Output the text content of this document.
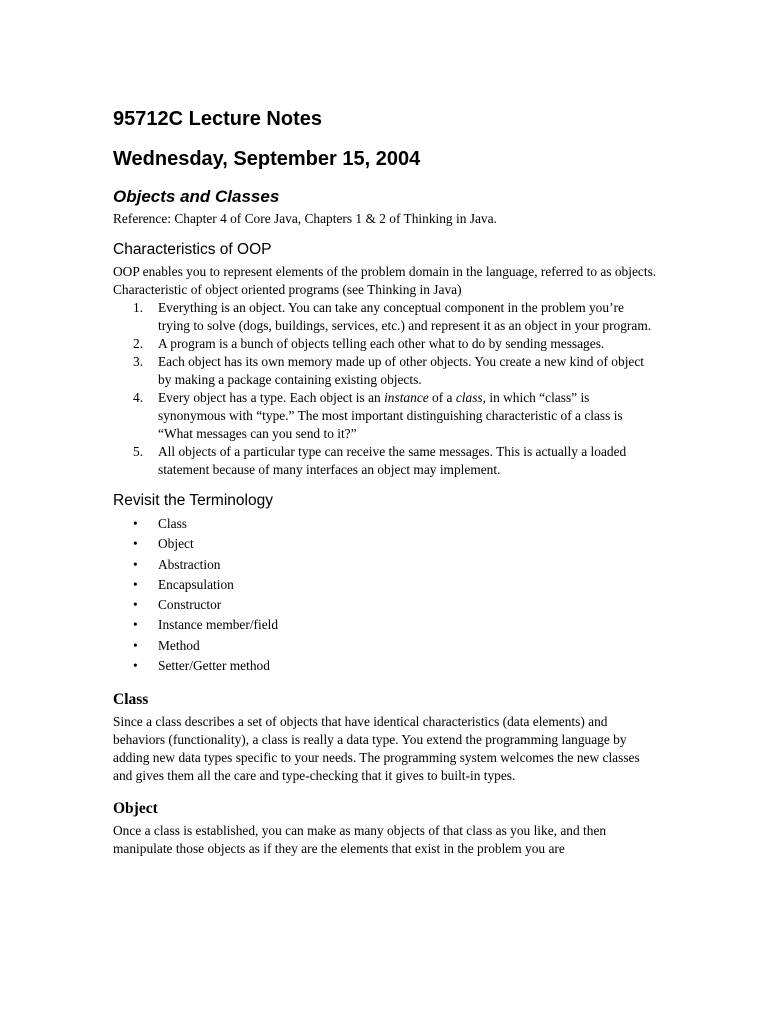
95712C Lecture Notes
Wednesday, September 15, 2004
Objects and Classes

Reference: Chapter 4 of Core Java, Chapters 1 & 2 of Thinking in Java.

Characteristics of OOP

OOP enables you to represent elements of the problem domain in the language, referred to as objects. Characteristic of object oriented programs (see Thinking in Java)

1. Everything is an object. You can take any conceptual component in the problem you’re trying to solve (dogs, buildings, services, etc.) and represent it as an object in your program.
2. A program is a bunch of objects telling each other what to do by sending messages.
3. Each object has its own memory made up of other objects. You create a new kind of object by making a package containing existing objects.
4. Every object has a type. Each object is an instance of a class, in which “class” is synonymous with “type.” The most important distinguishing characteristic of a class is “What messages can you send to it?”
5. All objects of a particular type can receive the same messages. This is actually a loaded statement because of many interfaces an object may implement.
Revisit the Terminology
• Class
• Object
• Abstraction
• Encapsulation
• Constructor
• Instance member/field
• Method
• Setter/Getter method
Class

Since a class describes a set of objects that have identical characteristics (data elements) and behaviors (functionality), a class is really a data type. You extend the programming language by adding new data types specific to your needs. The programming system welcomes the new classes and gives them all the care and type-checking that it gives to built-in types.

Object

Once a class is established, you can make as many objects of that class as you like, and then manipulate those objects as if they are the elements that exist in the problem you are
